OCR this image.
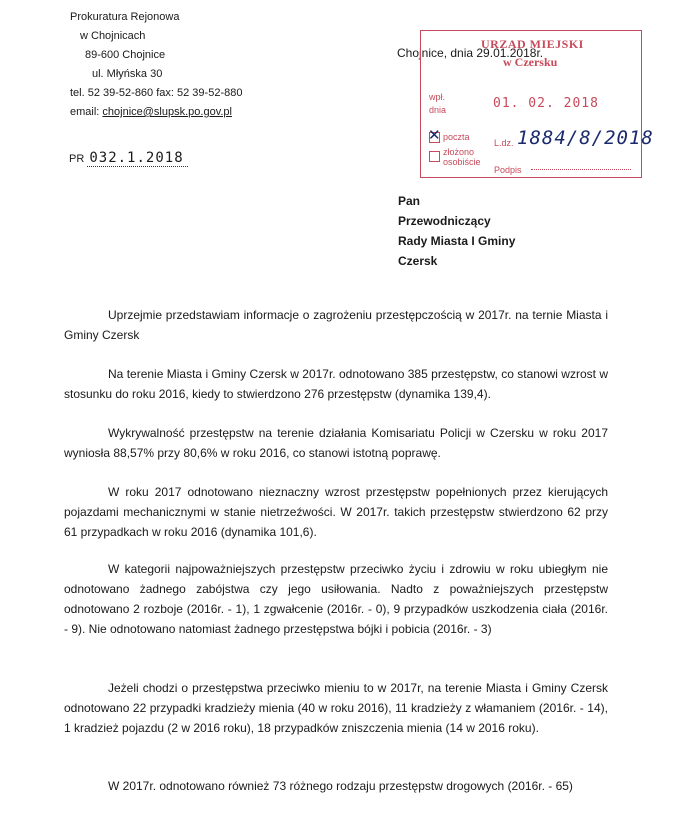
Prokuratura Rejonowa
w Chojnicach
89-600 Chojnice
ul. Młyńska 30
tel. 52 39-52-860 fax: 52 39-52-880
email: chojnice@slupsk.po.gov.pl
PR 032.1.2018
Chojnice, dnia 29.01.2018r.
URZĄD MIEJSKI
w Czersku
wpł.
dnia	01. 02. 2018
✕ poczta
złożono
osobiście
L.dz. 1884/8/2018
Podpis
Pan
Przewodniczący
Rady Miasta I Gminy
Czersk

Uprzejmie przedstawiam informacje o zagrożeniu przestępczością w 2017r. na ternie Miasta i Gminy Czersk

Na terenie Miasta i Gminy Czersk w 2017r. odnotowano 385 przestępstw, co stanowi wzrost w stosunku do roku 2016, kiedy to stwierdzono 276 przestępstw (dynamika 139,4).

Wykrywalność przestępstw na terenie działania Komisariatu Policji w Czersku w roku 2017 wyniosła 88,57% przy 80,6% w roku 2016, co stanowi istotną poprawę.

W roku 2017 odnotowano nieznaczny wzrost przestępstw popełnionych przez kierujących pojazdami mechanicznymi w stanie nietrzeźwości. W 2017r. takich przestępstw stwierdzono 62 przy 61 przypadkach w roku 2016 (dynamika 101,6).

W kategorii najpoważniejszych przestępstw przeciwko życiu i zdrowiu w roku ubiegłym nie odnotowano żadnego zabójstwa czy jego usiłowania. Nadto z poważniejszych przestępstw odnotowano 2 rozboje (2016r. - 1), 1 zgwałcenie (2016r. - 0), 9 przypadków uszkodzenia ciała (2016r. - 9). Nie odnotowano natomiast żadnego przestępstwa bójki i pobicia (2016r. - 3)

Jeżeli chodzi o przestępstwa przeciwko mieniu to w 2017r, na terenie Miasta i Gminy Czersk odnotowano 22 przypadki kradzieży mienia (40 w roku 2016), 11 kradzieży z włamaniem (2016r. - 14), 1 kradzież pojazdu (2 w 2016 roku), 18 przypadków zniszczenia mienia (14 w 2016 roku).

W 2017r. odnotowano również 73 różnego rodzaju przestępstw drogowych (2016r. - 65)
